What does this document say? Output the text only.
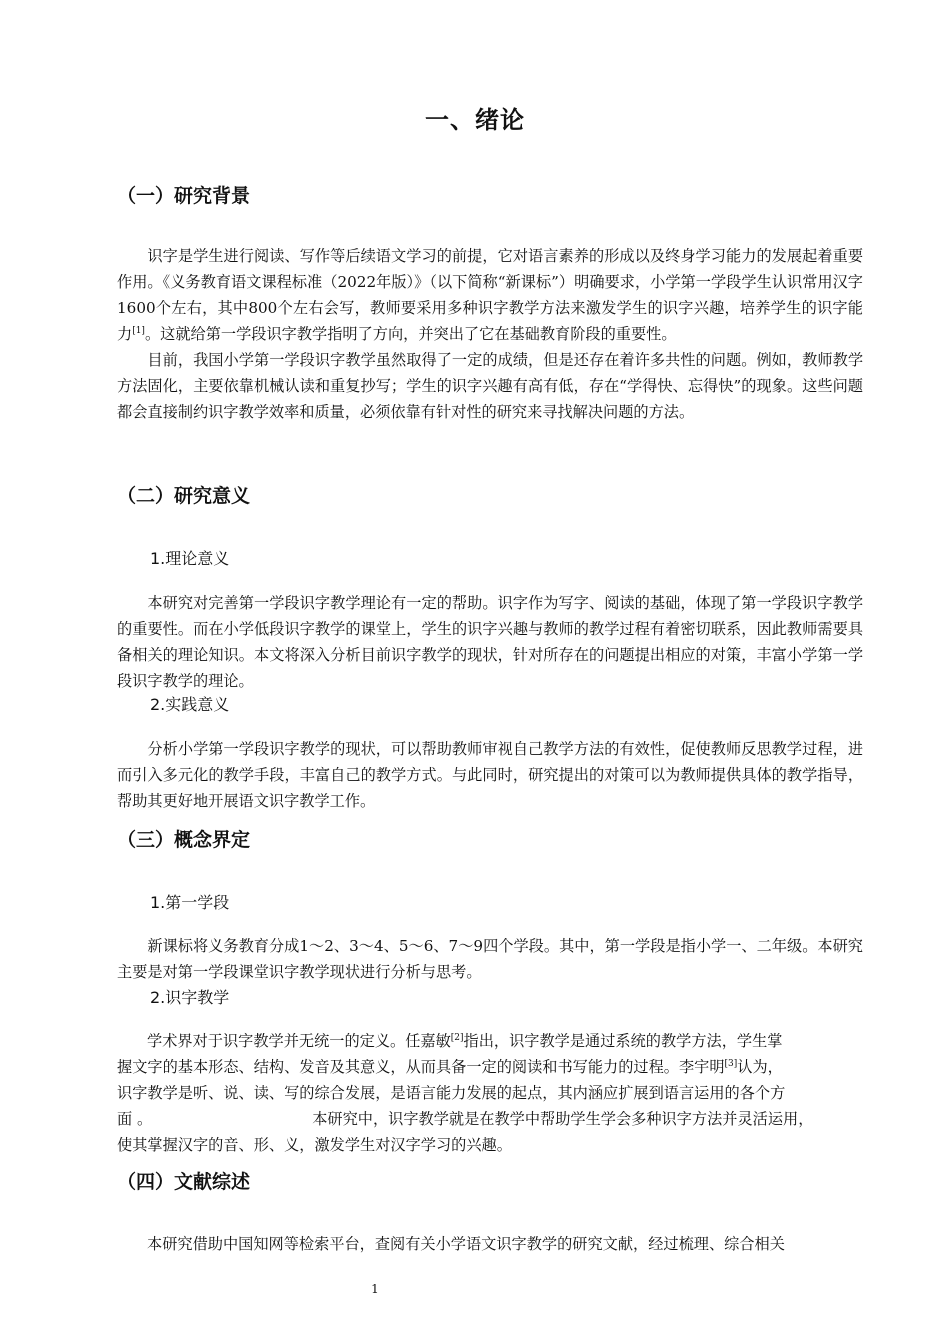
一、绪论
（一）研究背景

识字是学生进行阅读、写作等后续语文学习的前提，它对语言素养的形成以及终身学习能力的发展起着重要作用。《义务教育语文课程标准（2022年版）》（以下简称“新课标”）明确要求，小学第一学段学生认识常用汉字1600个左右，其中800个左右会写，教师要采用多种识字教学方法来激发学生的识字兴趣，培养学生的识字能力[1]。这就给第一学段识字教学指明了方向，并突出了它在基础教育阶段的重要性。

目前，我国小学第一学段识字教学虽然取得了一定的成绩，但是还存在着许多共性的问题。例如，教师教学方法固化，主要依靠机械认读和重复抄写；学生的识字兴趣有高有低，存在“学得快、忘得快”的现象。这些问题都会直接制约识字教学效率和质量，必须依靠有针对性的研究来寻找解决问题的方法。

（二）研究意义
1.理论意义

本研究对完善第一学段识字教学理论有一定的帮助。识字作为写字、阅读的基础，体现了第一学段识字教学的重要性。而在小学低段识字教学的课堂上，学生的识字兴趣与教师的教学过程有着密切联系，因此教师需要具备相关的理论知识。本文将深入分析目前识字教学的现状，针对所存在的问题提出相应的对策，丰富小学第一学段识字教学的理论。

2.实践意义

分析小学第一学段识字教学的现状，可以帮助教师审视自己教学方法的有效性，促使教师反思教学过程，进而引入多元化的教学手段，丰富自己的教学方式。与此同时，研究提出的对策可以为教师提供具体的教学指导，帮助其更好地开展语文识字教学工作。

（三）概念界定
1.第一学段

新课标将义务教育分成1～2、3～4、5～6、7～9四个学段。其中，第一学段是指小学一、二年级。本研究主要是对第一学段课堂识字教学现状进行分析与思考。

2.识字教学
学术界对于识字教学并无统一的定义。任嘉敏[2]指出，识字教学是通过系统的教学方法，学生掌
握文字的基本形态、结构、发音及其意义，从而具备一定的阅读和书写能力的过程。李宇明[3]认为，
识字教学是听、说、读、写的综合发展，是语言能力发展的起点，其内涵应扩展到语言运用的各个方
面 。	本研究中，识字教学就是在教学中帮助学生学会多种识字方法并灵活运用，
使其掌握汉字的音、形、义，激发学生对汉字学习的兴趣。
（四）文献综述
本研究借助中国知网等检索平台，查阅有关小学语文识字教学的研究文献，经过梳理、综合相关
1
